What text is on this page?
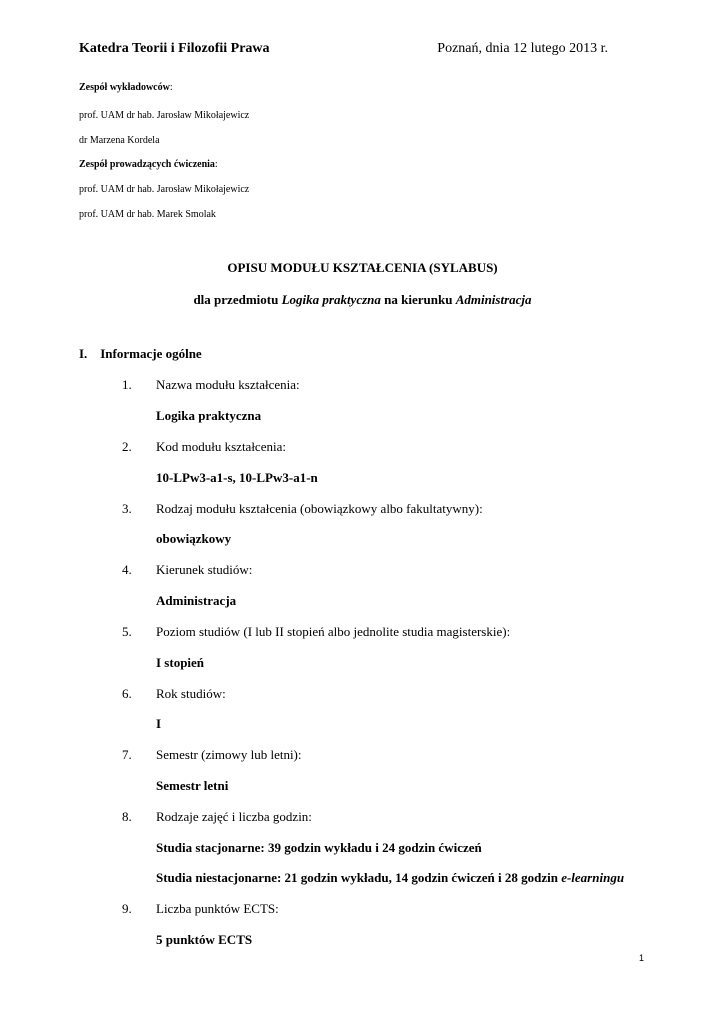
Katedra Teorii i Filozofii Prawa	Poznań, dnia 12 lutego 2013 r.
Zespół wykładowców:
prof. UAM dr hab. Jarosław Mikołajewicz
dr Marzena Kordela
Zespół prowadzących ćwiczenia:
prof. UAM dr hab. Jarosław Mikołajewicz
prof. UAM dr hab. Marek Smolak
OPISU MODUŁU KSZTAŁCENIA (SYLABUS)
dla przedmiotu Logika praktyczna na kierunku Administracja
I. Informacje ogólne
1. Nazwa modułu kształcenia:
Logika praktyczna
2. Kod modułu kształcenia:
10-LPw3-a1-s, 10-LPw3-a1-n
3. Rodzaj modułu kształcenia (obowiązkowy albo fakultatywny):
obowiązkowy
4. Kierunek studiów:
Administracja
5. Poziom studiów (I lub II stopień albo jednolite studia magisterskie):
I stopień
6. Rok studiów:
I
7. Semestr (zimowy lub letni):
Semestr letni
8. Rodzaje zajęć i liczba godzin:
Studia stacjonarne: 39 godzin wykładu i 24 godzin ćwiczeń
Studia niestacjonarne: 21 godzin wykładu, 14 godzin ćwiczeń i 28 godzin e-learningu
9. Liczba punktów ECTS:
5 punktów ECTS
1
